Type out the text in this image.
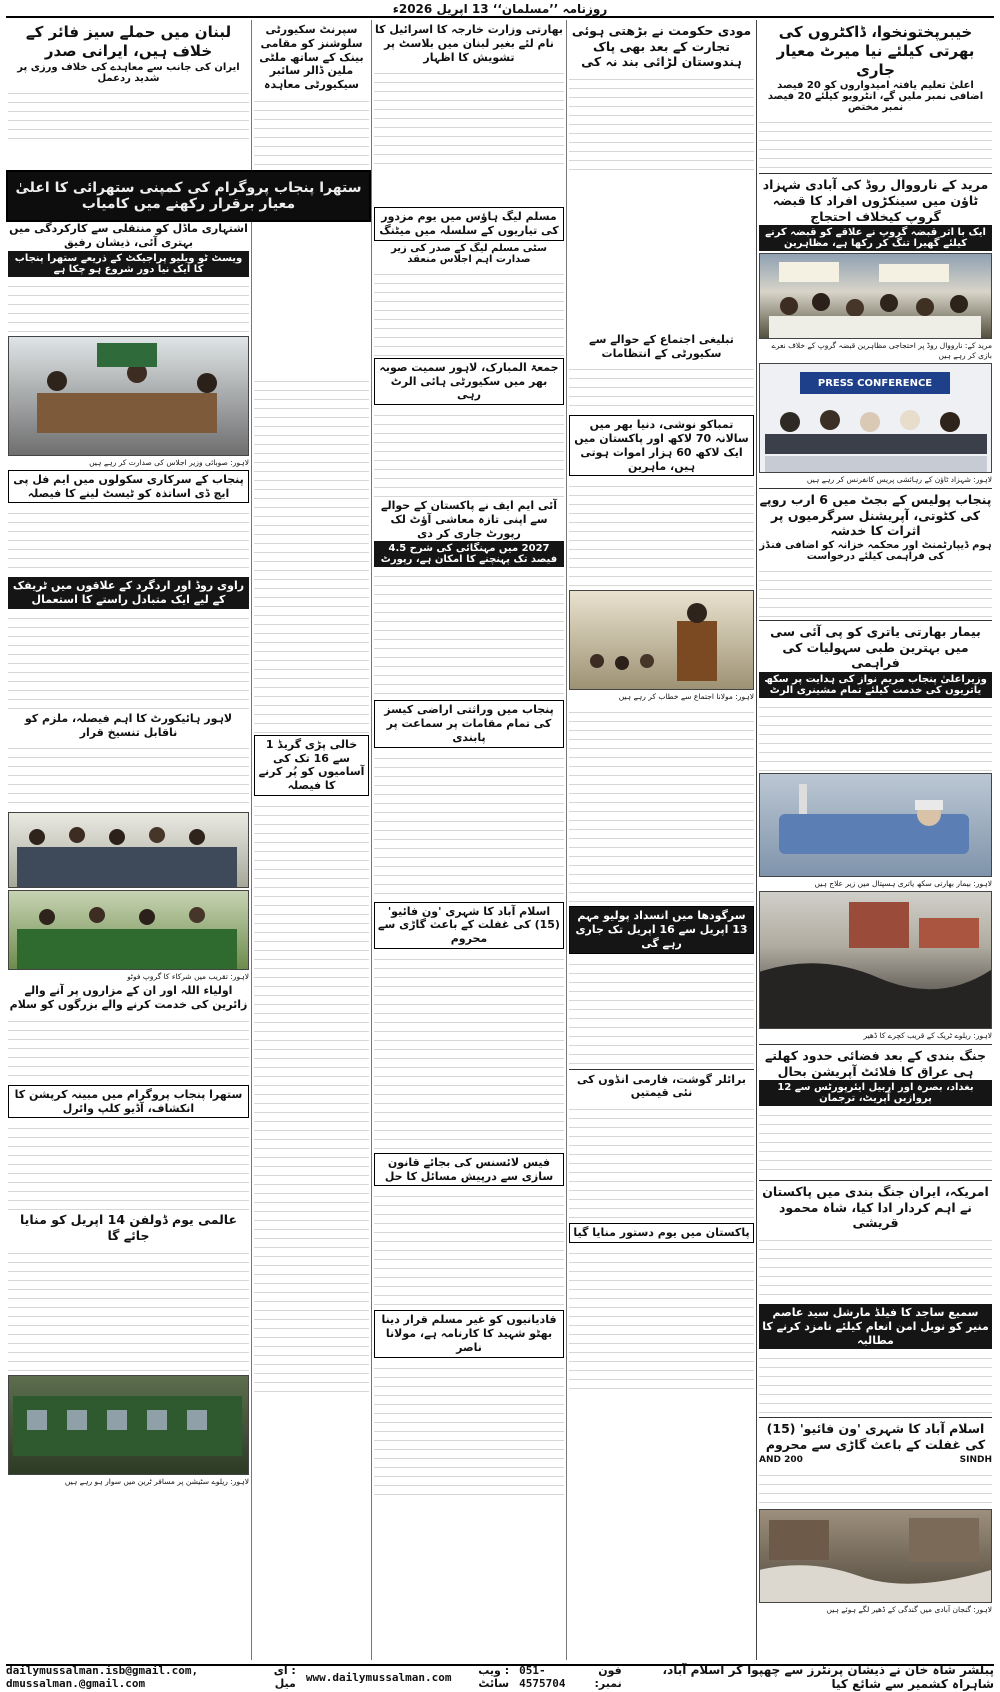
روزنامہ ’’مسلمان‘‘ 13 اپریل 2026ء
خیبرپختونخوا، ڈاکٹروں کی بھرتی کیلئے نیا میرٹ معیار جاری
اعلیٰ تعلیم یافتہ امیدواروں کو 20 فیصد اضافی نمبر ملیں گے، انٹرویو کیلئے 20 فیصد نمبر مختص
مرید کے نارووال روڈ کی آبادی شہزاد ٹاؤن میں سینکڑوں افراد کا قبضہ گروپ کیخلاف احتجاج
ایک با اثر قبضہ گروپ نے علاقے کو قبضہ کرنے کیلئے گھیرا تنگ کر رکھا ہے، مظاہرین
مرید کے: نارووال روڈ پر احتجاجی مظاہرین قبضہ گروپ کے خلاف نعرے بازی کر رہے ہیں
PRESS CONFERENCE
لاہور: شہزاد ٹاؤن کے رہائشی پریس کانفرنس کر رہے ہیں
پنجاب پولیس کے بجٹ میں 6 ارب روپے کی کٹوتی، آپریشنل سرگرمیوں پر اثرات کا خدشہ
ہوم ڈیپارٹمنٹ اور محکمہ خزانہ کو اضافی فنڈز کی فراہمی کیلئے درخواست
بیمار بھارتی یاتری کو پی آئی سی میں بہترین طبی سہولیات کی فراہمی
وزیراعلیٰ پنجاب مریم نواز کی ہدایت پر سکھ یاتریوں کی خدمت کیلئے تمام مشینری الرٹ
لاہور: بیمار بھارتی سکھ یاتری ہسپتال میں زیر علاج ہیں
لاہور: ریلوے ٹریک کے قریب کچرے کا ڈھیر
جنگ بندی کے بعد فضائی حدود کھلتے ہی عراق کا فلائٹ آپریشن بحال
بغداد، بصرہ اور اربیل ایئرپورٹس سے 12 پروازیں آپریٹ، ترجمان
امریکہ، ایران جنگ بندی میں پاکستان نے اہم کردار ادا کیا، شاہ محمود قریشی
سمیع ساجد کا فیلڈ مارشل سید عاصم منیر کو نوبل امن انعام کیلئے نامزد کرنے کا مطالبہ
اسلام آباد کا شہری 'ون فائیو' (15) کی غفلت کے باعث گاڑی سے محروم
AND 200	SINDH
لاہور: گنجان آبادی میں گندگی کے ڈھیر لگے ہوئے ہیں
مودی حکومت نے بڑھتی ہوئی تجارت کے بعد بھی پاک ہندوستان لڑائی بند نہ کی
تبلیغی اجتماع کے حوالے سے سکیورٹی کے انتظامات
تمباکو نوشی، دنیا بھر میں سالانہ 70 لاکھ اور پاکستان میں ایک لاکھ 60 ہزار اموات ہوتی ہیں، ماہرین
لاہور: مولانا اجتماع سے خطاب کر رہے ہیں
سرگودھا میں انسداد پولیو مہم 13 اپریل سے 16 اپریل تک جاری رہے گی
برائلر گوشت، فارمی انڈوں کی نئی قیمتیں
پاکستان میں یوم دستور منایا گیا
بھارتی وزارت خارجہ کا اسرائیل کا نام لئے بغیر لبنان میں بلاسٹ پر تشویش کا اظہار
مسلم لیگ ہاؤس میں یوم مزدور کی تیاریوں کے سلسلہ میں میٹنگ
سٹی مسلم لیگ کے صدر کی زیر صدارت اہم اجلاس منعقد
جمعۃ المبارک، لاہور سمیت صوبہ بھر میں سکیورٹی ہائی الرٹ رہی
آئی ایم ایف نے پاکستان کے حوالے سے اپنی تازہ معاشی آؤٹ لک رپورٹ جاری کر دی
2027 میں مہنگائی کی شرح 4.5 فیصد تک پہنچنے کا امکان ہے، رپورٹ
پنجاب میں وراثتی اراضی کیسز کی تمام مقامات پر سماعت پر پابندی
اسلام آباد کا شہری 'ون فائیو' (15) کی غفلت کے باعث گاڑی سے محروم
فیس لائسنس کی بجائے قانون سازی سے درپیش مسائل کا حل
قادیانیوں کو غیر مسلم قرار دینا بھٹو شہید کا کارنامہ ہے، مولانا ناصر
سپرنٹ سکیورٹی سلوشنز کو مقامی بینک کے ساتھ ملٹی ملین ڈالر سائبر سیکیورٹی معاہدہ
خالی پڑی گریڈ 1 سے 16 تک کی آسامیوں کو پُر کرنے کا فیصلہ
لبنان میں حملے سیز فائر کے خلاف ہیں، ایرانی صدر
ایران کی جانب سے معاہدے کی خلاف ورزی پر شدید ردعمل
اشتہاری ماڈل کو منتقلی سے کارکردگی میں بہتری آئی، ذیشان رفیق
ویسٹ ٹو ویلیو پراجیکٹ کے ذریعے ستھرا پنجاب کا ایک نیا دور شروع ہو چکا ہے
لاہور: صوبائی وزیر اجلاس کی صدارت کر رہے ہیں
پنجاب کے سرکاری سکولوں میں ایم فل پی ایچ ڈی اساتذہ کو ٹیسٹ لینے کا فیصلہ
راوی روڈ اور اردگرد کے علاقوں میں ٹریفک کے لیے ایک متبادل راستے کا استعمال
لاہور ہائیکورٹ کا اہم فیصلہ، ملزم کو ناقابل تنسیخ قرار
لاہور: تقریب میں شرکاء کا گروپ فوٹو
اولیاء اللہ اور ان کے مزاروں پر آنے والے زائرین کی خدمت کرنے والے بزرگوں کو سلام
ستھرا پنجاب پروگرام میں مبینہ کرپشن کا انکشاف، آڈیو کلپ وائرل
عالمی یوم ڈولفن 14 اپریل کو منایا جائے گا
لاہور: ریلوے سٹیشن پر مسافر ٹرین میں سوار ہو رہے ہیں
ستھرا پنجاب پروگرام کی کمپنی ستھرائی کا اعلیٰ معیار برقرار رکھنے میں کامیاب
پبلشر شاہ خان نے ذیشان پرنٹرز سے چھپوا کر اسلام آباد، شاہراہ کشمیر سے شائع کیا
فون نمبر:
051-4575704
: ویب سائٹ
www.dailymussalman.com
: ای میل
dailymussalman.isb@gmail.com, dmussalman.@gmail.com
